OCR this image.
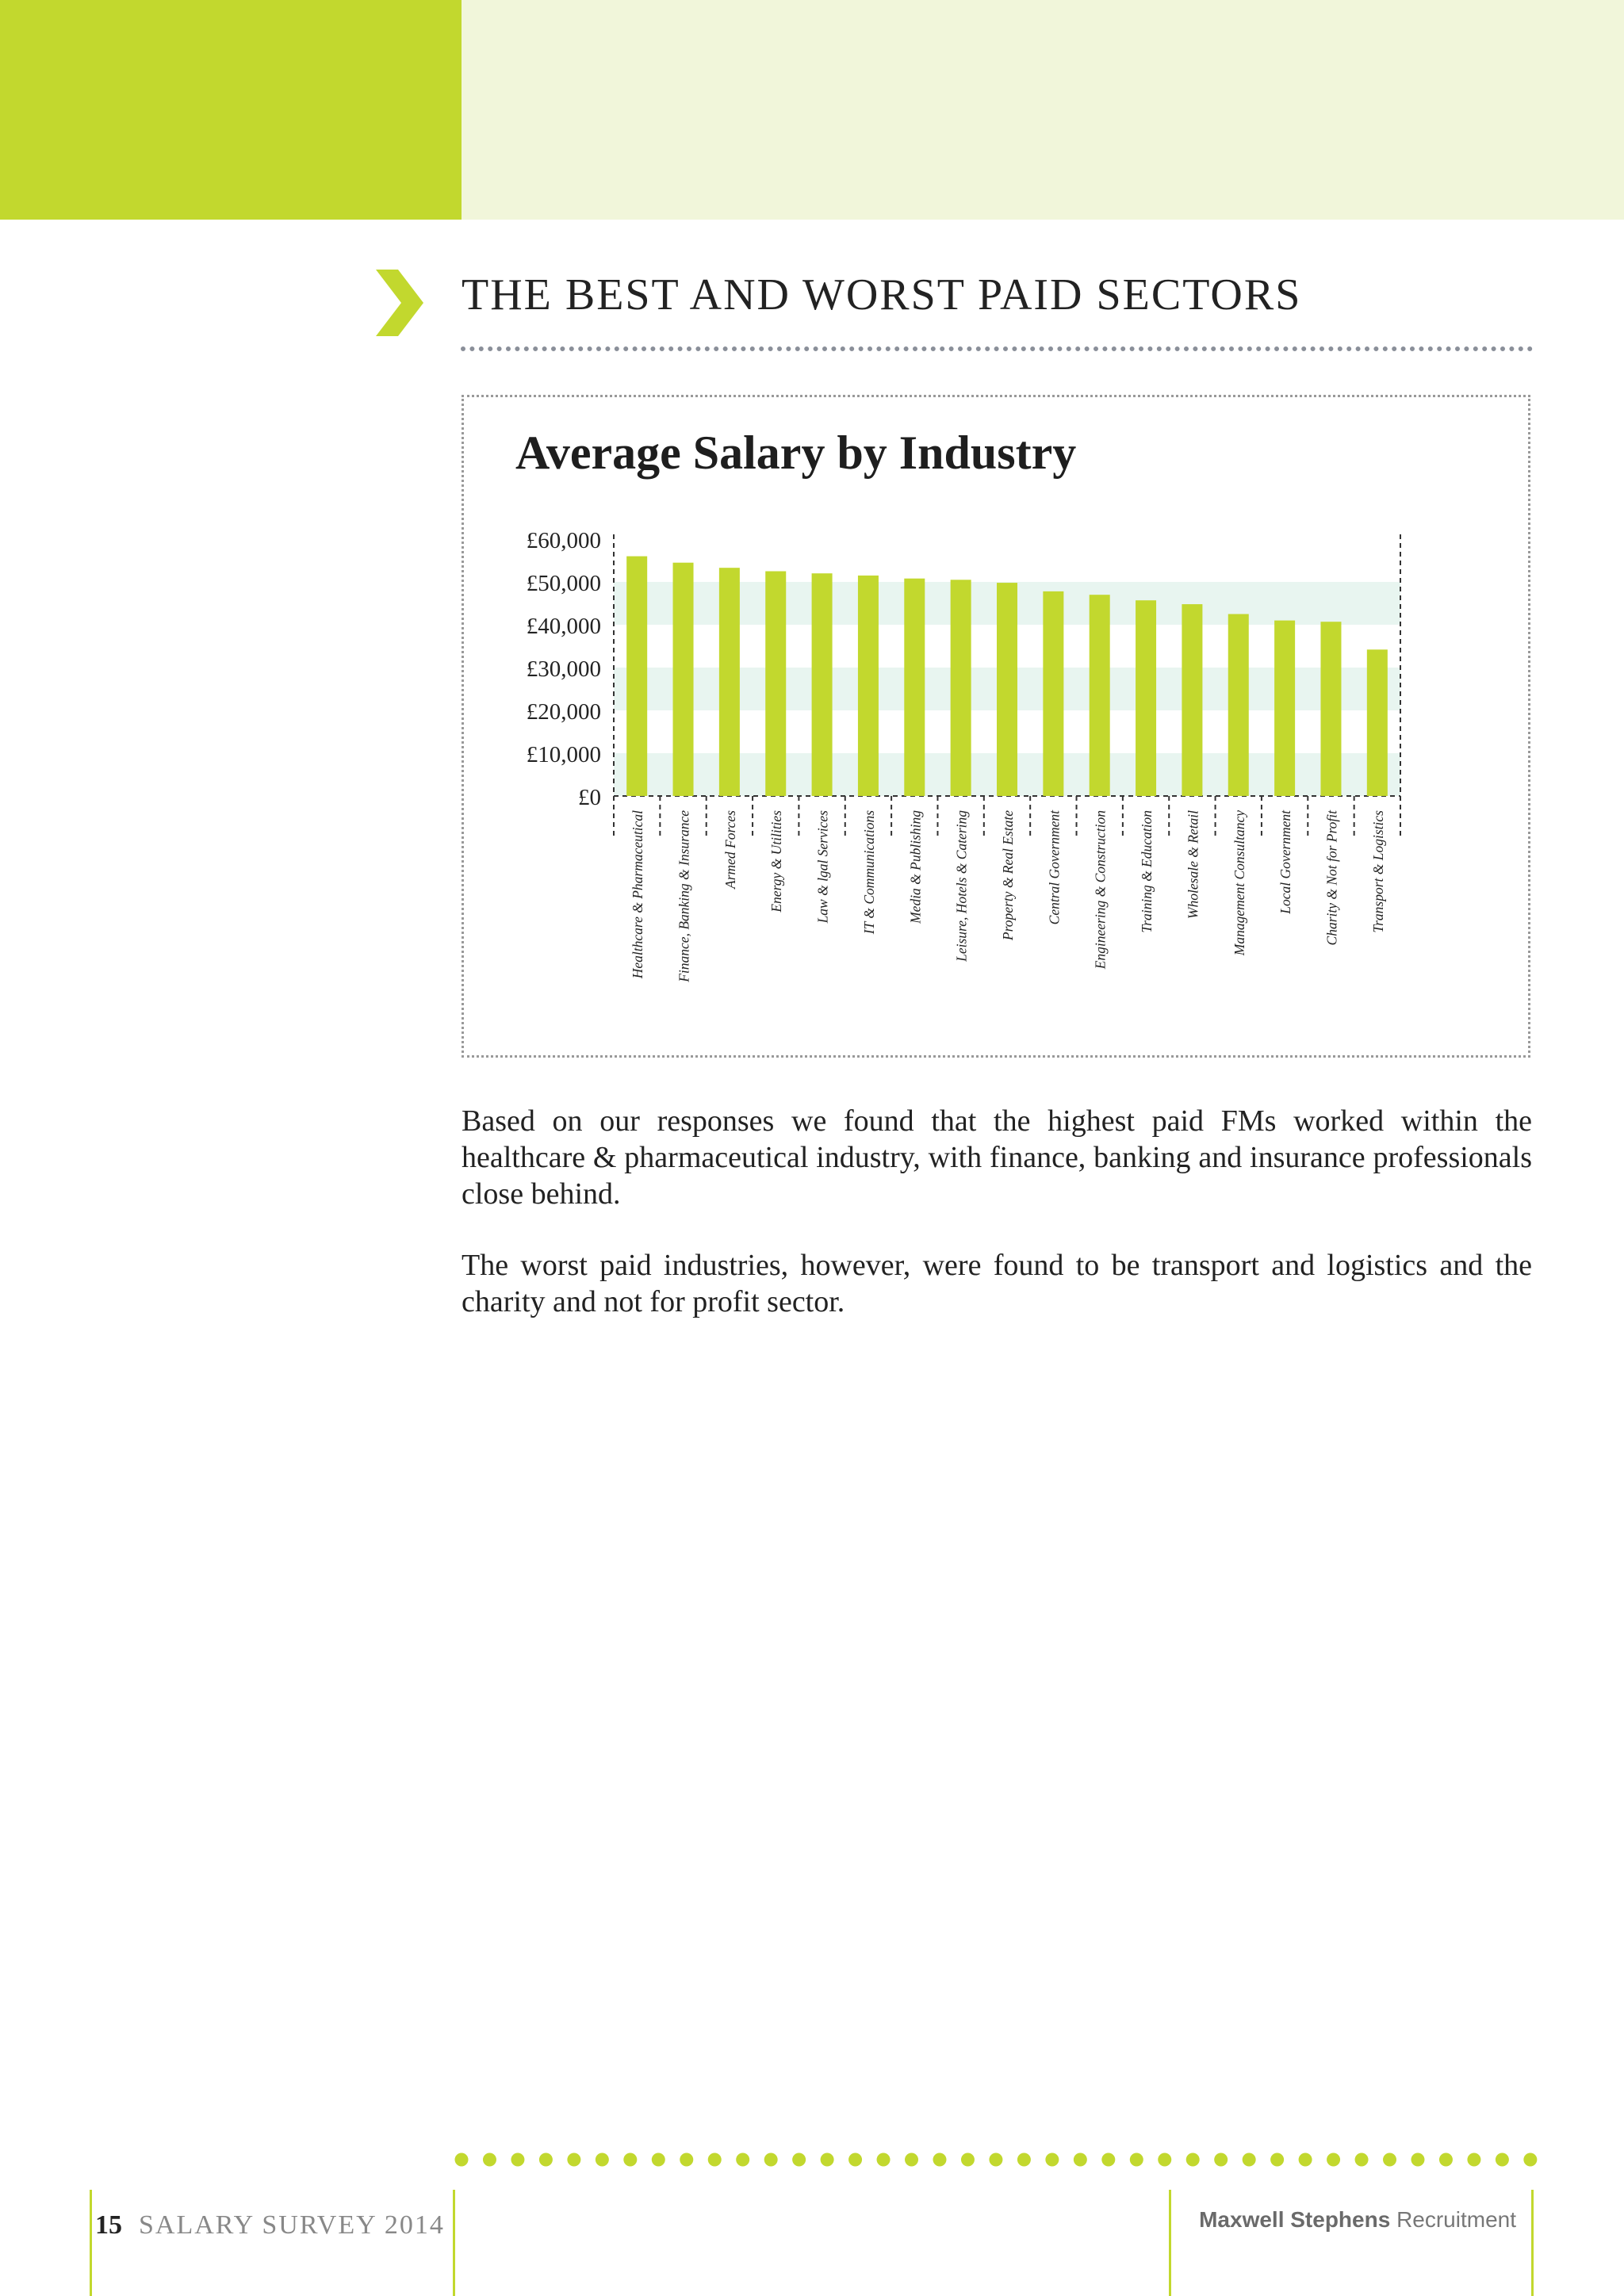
THE BEST AND WORST PAID SECTORS
Average Salary by Industry
£0
£10,000
£20,000
£30,000
£40,000
£50,000
£60,000
Healthcare & Pharmaceutical Finance, Banking & Insurance Armed Forces Energy & Utilities Law & lgal Services IT & Communications Media & Publishing Leisure, Hotels & Catering Property & Real Estate Central Government Engineering & Construction Training & Education Wholesale & Retail Management Consultancy Local Government Charity & Not for Profit Transport & Logistics

Based on our responses we found that the highest paid FMs worked within the healthcare & pharmaceutical industry, with finance, banking and insurance professionals close behind.

The worst paid industries, however, were found to be transport and logistics and the charity and not for profit sector.

15 SALARY SURVEY 2014	Maxwell Stephens Recruitment
